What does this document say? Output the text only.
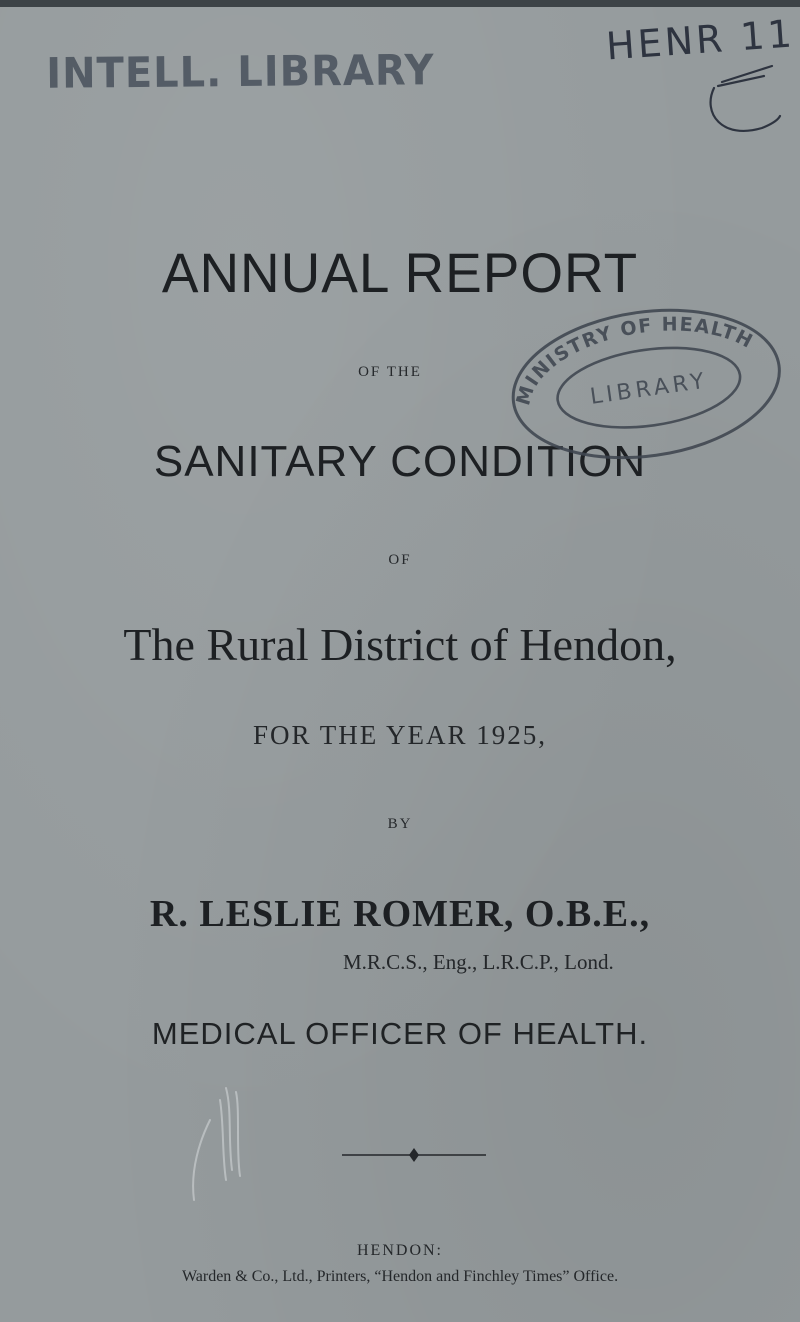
INTELL. LIBRARY
HENR 11
ANNUAL REPORT
OF THE
SANITARY CONDITION
OF
The Rural District of Hendon,
FOR THE YEAR 1925,
BY
R. LESLIE ROMER, O.B.E.,
M.R.C.S., Eng., L.R.C.P., Lond.
MEDICAL OFFICER OF HEALTH.
HENDON:
Warden & Co., Ltd., Printers, “Hendon and Finchley Times” Office.
MINISTRY OF HEALTH
LIBRARY
